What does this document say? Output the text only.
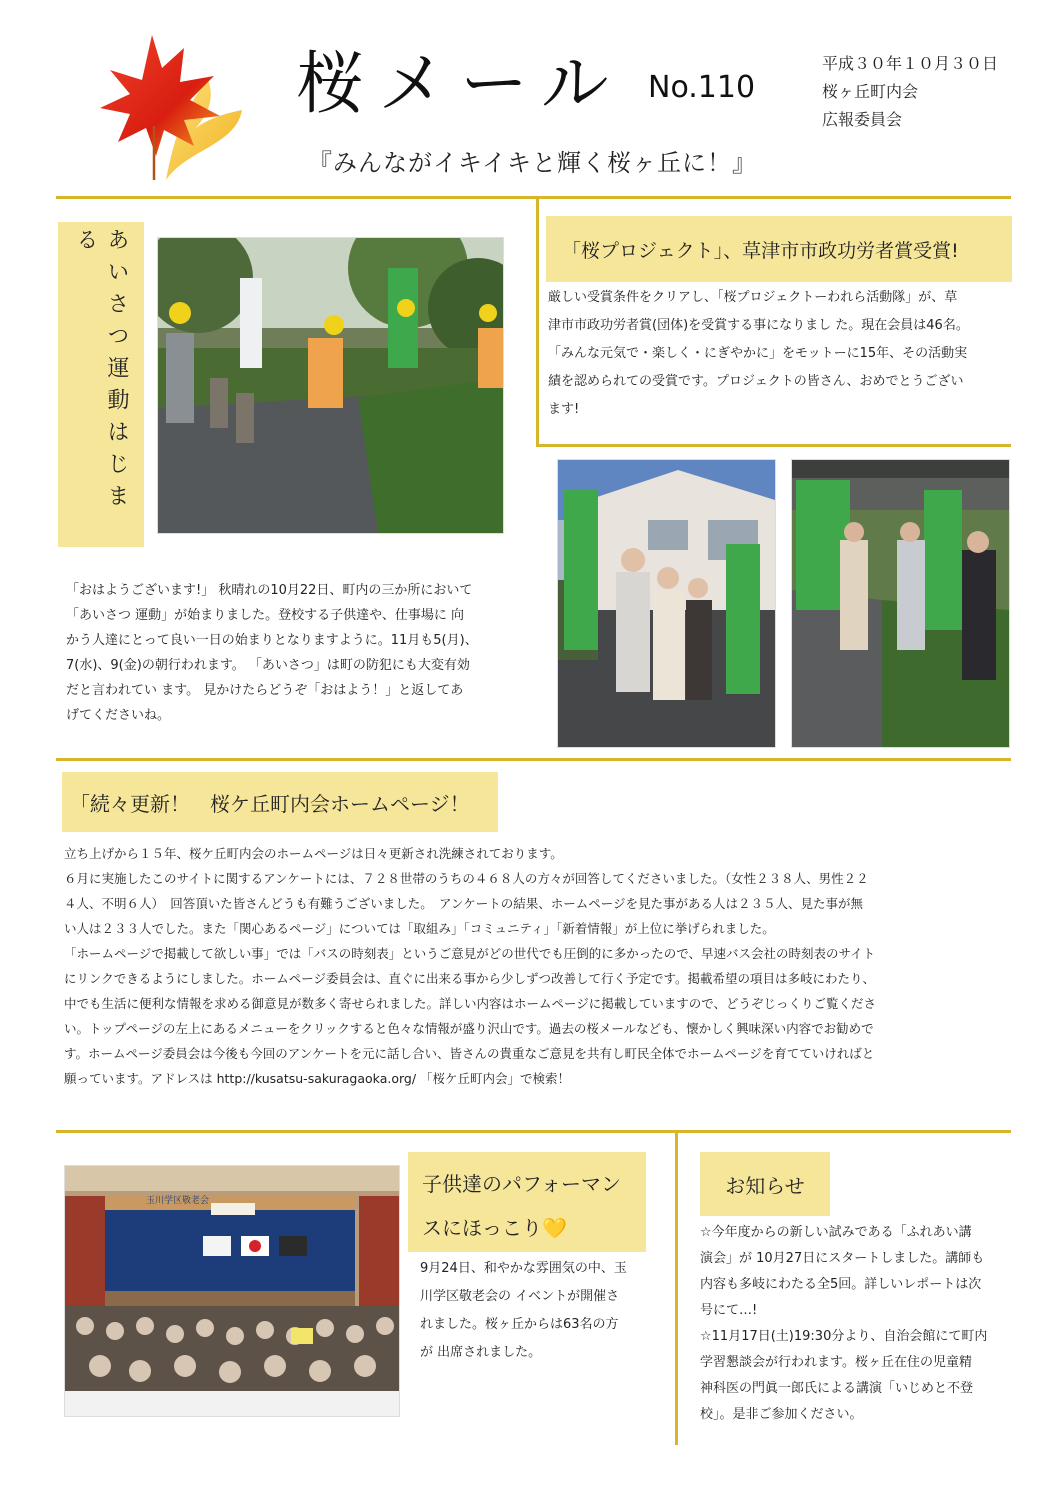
桜メール No.110
平成３０年１０月３０日
桜ヶ丘町内会
広報委員会
『みんながイキイキと輝く桜ヶ丘に！』
あいさつ運動はじまる
「おはようございます!」 秋晴れの10月22日、町内の三か所において
「あいさつ 運動」が始まりました。登校する子供達や、仕事場に 向
かう人達にとって良い一日の始まりとなりますように。11月も5(月)、
7(水)、9(金)の朝行われます。 「あいさつ」は町の防犯にも大変有効
だと言われてい ます。 見かけたらどうぞ「おはよう！」と返してあ
げてくださいね。
「桜プロジェクト」、草津市市政功労者賞受賞!
厳しい受賞条件をクリアし、「桜プロジェクトーわれら活動隊」が、草
津市市政功労者賞(団体)を受賞する事になりまし た。現在会員は46名。
「みんな元気で・楽しく・にぎやかに」をモットーに15年、その活動実
績を認められての受賞です。プロジェクトの皆さん、おめでとうござい
ます!
「続々更新！　桜ケ丘町内会ホームページ！
立ち上げから１５年、桜ケ丘町内会のホームページは日々更新され洗練されております。
６月に実施したこのサイトに関するアンケートには、７２８世帯のうちの４６８人の方々が回答してくださいました。（女性２３８人、男性２２
４人、不明６人）　回答頂いた皆さんどうも有難うございました。　アンケートの結果、ホームページを見た事がある人は２３５人、見た事が無
い人は２３３人でした。また「関心あるページ」については「取組み」「コミュニティ」「新着情報」が上位に挙げられました。
「ホームページで掲載して欲しい事」では「バスの時刻表」というご意見がどの世代でも圧倒的に多かったので、早速バス会社の時刻表のサイト
にリンクできるようにしました。ホームページ委員会は、直ぐに出来る事から少しずつ改善して行く予定です。掲載希望の項目は多岐にわたり、
中でも生活に便利な情報を求める御意見が数多く寄せられました。詳しい内容はホームページに掲載していますので、どうぞじっくりご覧くださ
い。トップページの左上にあるメニューをクリックすると色々な情報が盛り沢山です。過去の桜メールなども、懐かしく興味深い内容でお勧めで
す。ホームページ委員会は今後も今回のアンケートを元に話し合い、皆さんの貴重なご意見を共有し町民全体でホームページを育てていければと
願っています。アドレスは http://kusatsu-sakuragaoka.org/ 「桜ケ丘町内会」で検索！
玉川学区敬老会
子供達のパフォーマン
スにほっこり💛
9月24日、和やかな雰囲気の中、玉
川学区敬老会の イベントが開催さ
れました。桜ヶ丘からは63名の方
が 出席されました。
お知らせ
☆今年度からの新しい試みである「ふれあい講
演会」が 10月27日にスタートしました。講師も
内容も多岐にわたる全5回。詳しいレポートは次
号にて…!
☆11月17日(土)19:30分より、自治会館にて町内
学習懇談会が行われます。桜ヶ丘在住の児童精
神科医の門眞一郎氏による講演「いじめと不登
校」。是非ご参加ください。
